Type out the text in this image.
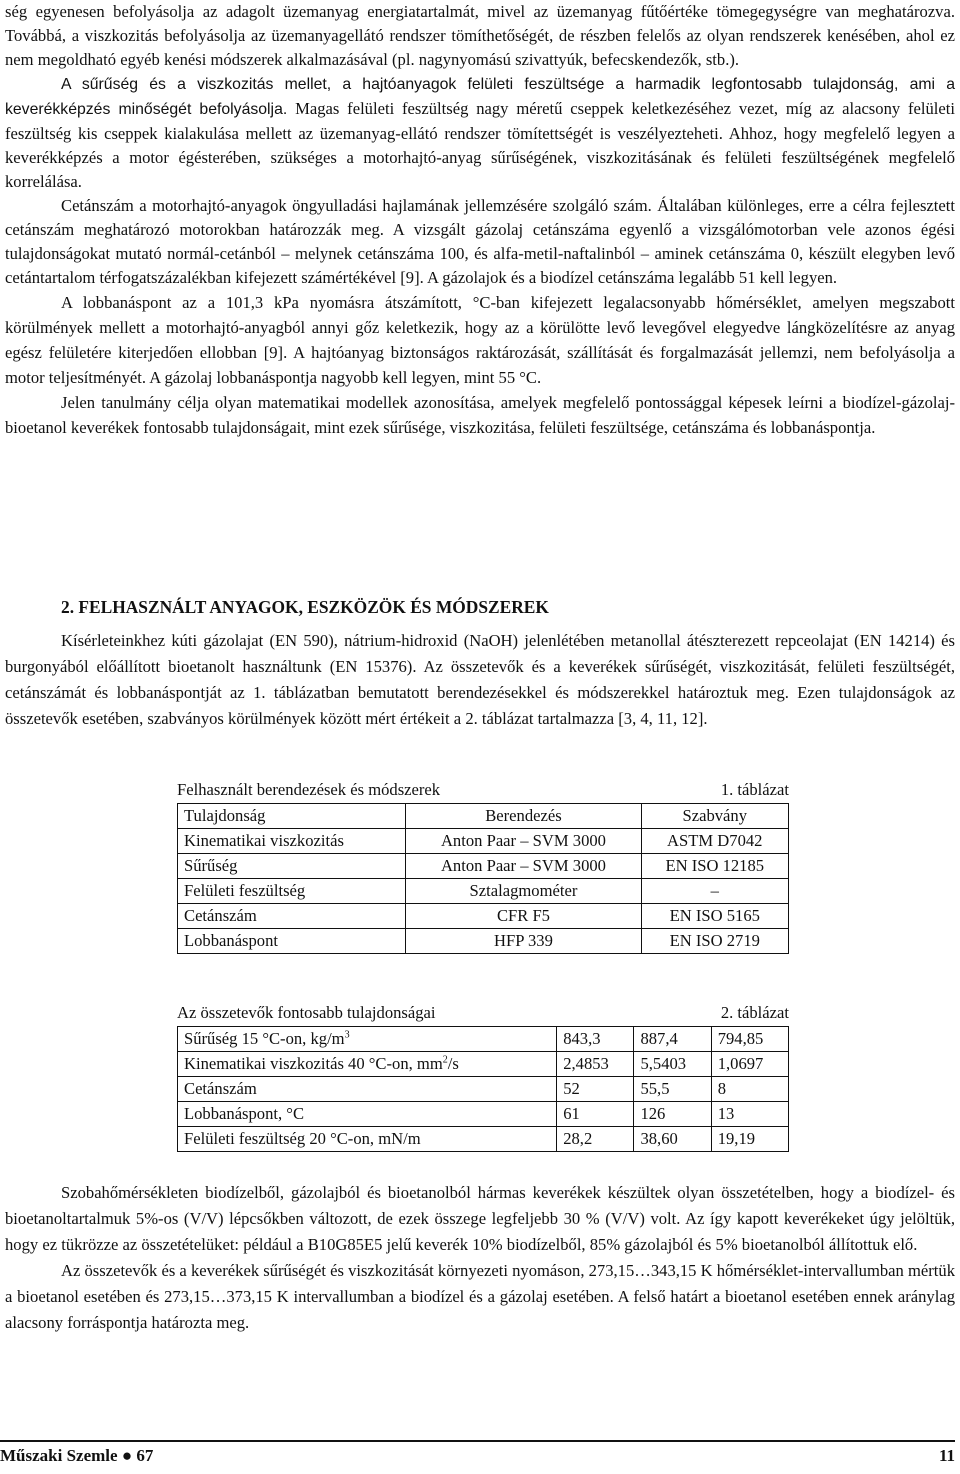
ség egyenesen befolyásolja az adagolt üzemanyag energiatartalmát, mivel az üzemanyag fűtőértéke tömegegységre van meghatározva. Továbbá, a viszkozitás befolyásolja az üzemanyagellátó rendszer tömíthetőségét, de részben felelős az olyan rendszerek kenésében, ahol ez nem megoldható egyéb kenési módszerek alkalmazásával (pl. nagynyomású szivattyúk, befecskendezők, stb.).

A sűrűség és a viszkozitás mellet, a hajtóanyagok felületi feszültsége a harmadik legfontosabb tulajdonság, ami a keverékképzés minőségét befolyásolja. Magas felületi feszültség nagy méretű cseppek keletkezéséhez vezet, míg az alacsony felületi feszültség kis cseppek kialakulása mellett az üzemanyag-ellátó rendszer tömítettségét is veszélyezteheti. Ahhoz, hogy megfelelő legyen a keverékképzés a motor égésterében, szükséges a motorhajtó-anyag sűrűségének, viszkozitásának és felületi feszültségének megfelelő korrelálása.

Cetánszám a motorhajtó-anyagok öngyulladási hajlamának jellemzésére szolgáló szám. Általában különleges, erre a célra fejlesztett cetánszám meghatározó motorokban határozzák meg. A vizsgált gázolaj cetánszáma egyenlő a vizsgálómotorban vele azonos égési tulajdonságokat mutató normál-cetánból – melynek cetánszáma 100, és alfa-metil-naftalinból – aminek cetánszáma 0, készült elegyben levő cetántartalom térfogatszázalékban kifejezett számértékével [9]. A gázolajok és a biodízel cetánszáma legalább 51 kell legyen.

A lobbanáspont az a 101,3 kPa nyomásra átszámított, °C-ban kifejezett legalacsonyabb hőmérséklet, amelyen megszabott körülmények mellett a motorhajtó-anyagból annyi gőz keletkezik, hogy az a körülötte levő levegővel elegyedve lángközelítésre az anyag egész felületére kiterjedően ellobban [9]. A hajtóanyag biztonságos raktározását, szállítását és forgalmazását jellemzi, nem befolyásolja a motor teljesítményét. A gázolaj lobbanáspontja nagyobb kell legyen, mint 55 °C.

Jelen tanulmány célja olyan matematikai modellek azonosítása, amelyek megfelelő pontossággal képesek leírni a biodízel-gázolaj-bioetanol keverékek fontosabb tulajdonságait, mint ezek sűrűsége, viszkozitása, felületi feszültsége, cetánszáma és lobbanáspontja.

2. FELHASZNÁLT ANYAGOK, ESZKÖZÖK ÉS MÓDSZEREK

Kísérleteinkhez kúti gázolajat (EN 590), nátrium-hidroxid (NaOH) jelenlétében metanollal átészterezett repceolajat (EN 14214) és burgonyából előállított bioetanolt használtunk (EN 15376). Az összetevők és a keverékek sűrűségét, viszkozitását, felületi feszültségét, cetánszámát és lobbanáspontját az 1. táblázatban bemutatott berendezésekkel és módszerekkel határoztuk meg. Ezen tulajdonságok az összetevők esetében, szabványos körülmények között mért értékeit a 2. táblázat tartalmazza [3, 4, 11, 12].

Felhasznált berendezések és módszerek	1. táblázat
Tulajdonság	Berendezés	Szabvány
Kinematikai viszkozitás	Anton Paar – SVM 3000	ASTM D7042
Sűrűség	Anton Paar – SVM 3000	EN ISO 12185
Felületi feszültség	Sztalagmométer	–
Cetánszám	CFR F5	EN ISO 5165
Lobbanáspont	HFP 339	EN ISO 2719
Az összetevők fontosabb tulajdonságai	2. táblázat
Sűrűség 15 °C-on, $kg/m^3$	843,3	887,4	794,85
Kinematikai viszkozitás 40 °C-on, $mm^2/s$	2,4853	5,5403	1,0697
Cetánszám	52	55,5	8
Lobbanáspont, °C	61	126	13
Felületi feszültség 20 °C-on, mN/m	28,2	38,60	19,19

Szobahőmérsékleten biodízelből, gázolajból és bioetanolból hármas keverékek készültek olyan összetételben, hogy a biodízel- és bioetanoltartalmuk 5%-os (V/V) lépcsőkben változott, de ezek összege legfeljebb 30 % (V/V) volt. Az így kapott keverékeket úgy jelöltük, hogy ez tükrözze az összetételüket: például a B10G85E5 jelű keverék 10% biodízelből, 85% gázolajból és 5% bioetanolból állítottuk elő.

Az összetevők és a keverékek sűrűségét és viszkozitását környezeti nyomáson, 273,15…343,15 K hőmérséklet-intervallumban mértük a bioetanol esetében és 273,15…373,15 K intervallumban a biodízel és a gázolaj esetében. A felső határt a bioetanol esetében ennek aránylag alacsony forráspontja határozta meg.

Műszaki Szemle ● 67	11
